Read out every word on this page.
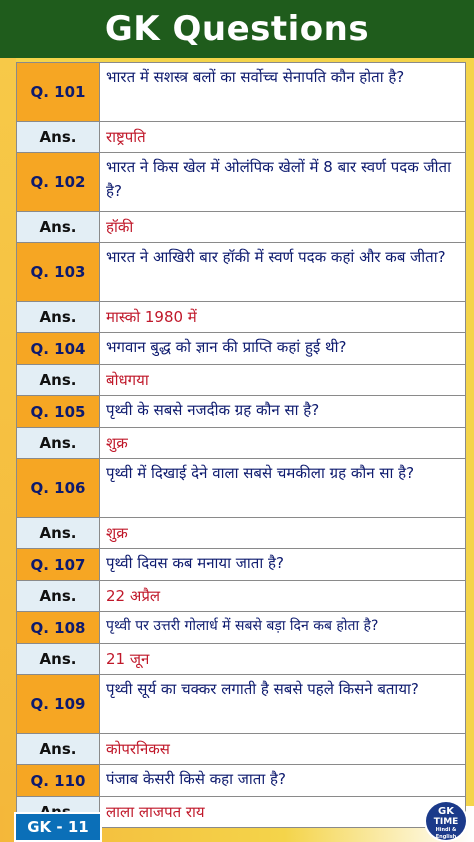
GK Questions
Q. 101	भारत में सशस्त्र बलों का सर्वोच्च सेनापति कौन होता है?
Ans.	राष्ट्रपति
Q. 102	भारत ने किस खेल में ओलंपिक खेलों में 8 बार स्वर्ण पदक जीता है?
Ans.	हॉकी
Q. 103	भारत ने आखिरी बार हॉकी में स्वर्ण पदक कहां और कब जीता?
Ans.	मास्को 1980 में
Q. 104	भगवान बुद्ध को ज्ञान की प्राप्ति कहां हुई थी?
Ans.	बोधगया
Q. 105	पृथ्वी के सबसे नजदीक ग्रह कौन सा है?
Ans.	शुक्र
Q. 106	पृथ्वी में दिखाई देने वाला सबसे चमकीला ग्रह कौन सा है?
Ans.	शुक्र
Q. 107	पृथ्वी दिवस कब मनाया जाता है?
Ans.	22 अप्रैल
Q. 108	पृथ्वी पर उत्तरी गोलार्ध में सबसे बड़ा दिन कब होता है?
Ans.	21 जून
Q. 109	पृथ्वी सूर्य का चक्कर लगाती है सबसे पहले किसने बताया?
Ans.	कोपरनिकस
Q. 110	पंजाब केसरी किसे कहा जाता है?
	लाला लाजपत राय
GK - 11
GK
TIME
Hindi & English
